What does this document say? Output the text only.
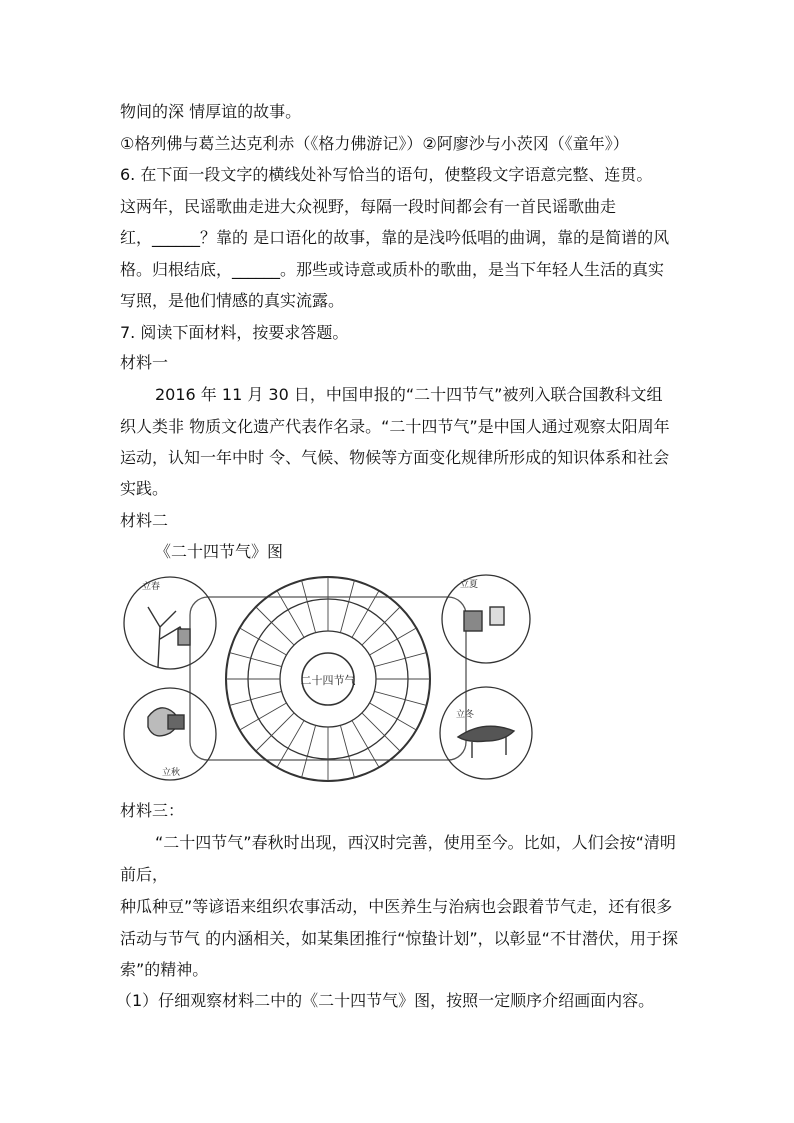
物间的深 情厚谊的故事。
①格列佛与葛兰达克利赤（《格力佛游记》）②阿廖沙与小茨冈（《童年》）
6. 在下面一段文字的横线处补写恰当的语句，使整段文字语意完整、连贯。
这两年，民谣歌曲走进大众视野，每隔一段时间都会有一首民谣歌曲走
红，______？靠的 是口语化的故事，靠的是浅吟低唱的曲调，靠的是简谱的风
格。归根结底，______。那些或诗意或质朴的歌曲，是当下年轻人生活的真实
写照，是他们情感的真实流露。
7. 阅读下面材料，按要求答题。
材料一
2016 年 11 月 30 日，中国申报的“二十四节气”被列入联合国教科文组
织人类非 物质文化遗产代表作名录。“二十四节气”是中国人通过观察太阳周年
运动，认知一年中时 令、气候、物候等方面变化规律所形成的知识体系和社会
实践。
材料二
《二十四节气》图
二十四节气
立春	立夏
立秋
立冬
材料三：
“二十四节气”春秋时出现，西汉时完善，使用至今。比如，人们会按“清明
前后，
种瓜种豆”等谚语来组织农事活动，中医养生与治病也会跟着节气走，还有很多
活动与节气 的内涵相关，如某集团推行“惊蛰计划”，以彰显“不甘潜伏，用于探
索”的精神。
（1）仔细观察材料二中的《二十四节气》图，按照一定顺序介绍画面内容。
